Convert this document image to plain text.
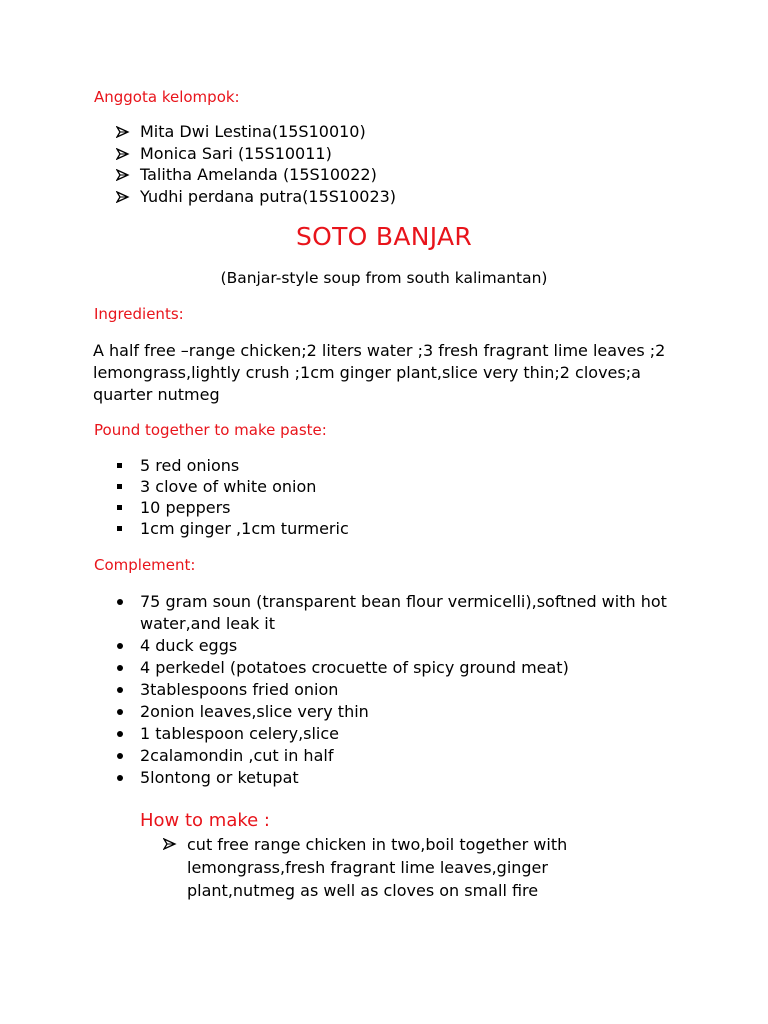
Anggota kelompok:
Mita Dwi Lestina(15S10010)
Monica Sari (15S10011)
Talitha Amelanda (15S10022)
Yudhi perdana putra(15S10023)
SOTO BANJAR

(Banjar-style soup from south kalimantan)

Ingredients:

A half free –range chicken;2 liters water ;3 fresh fragrant lime leaves ;2 lemongrass,lightly crush ;1cm ginger plant,slice very thin;2 cloves;a quarter nutmeg

Pound together to make paste:
5 red onions
3 clove of white onion
10 peppers
1cm ginger ,1cm turmeric
Complement:
75 gram soun (transparent bean flour vermicelli),softned with hot water,and leak it
4 duck eggs
4 perkedel (potatoes crocuette of spicy ground meat)
3tablespoons fried onion
2onion leaves,slice very thin
1 tablespoon celery,slice
2calamondin ,cut in half
5lontong or ketupat
How to make :
cut free range chicken in two,boil together with lemongrass,fresh fragrant lime leaves,ginger plant,nutmeg as well as cloves on small fire
